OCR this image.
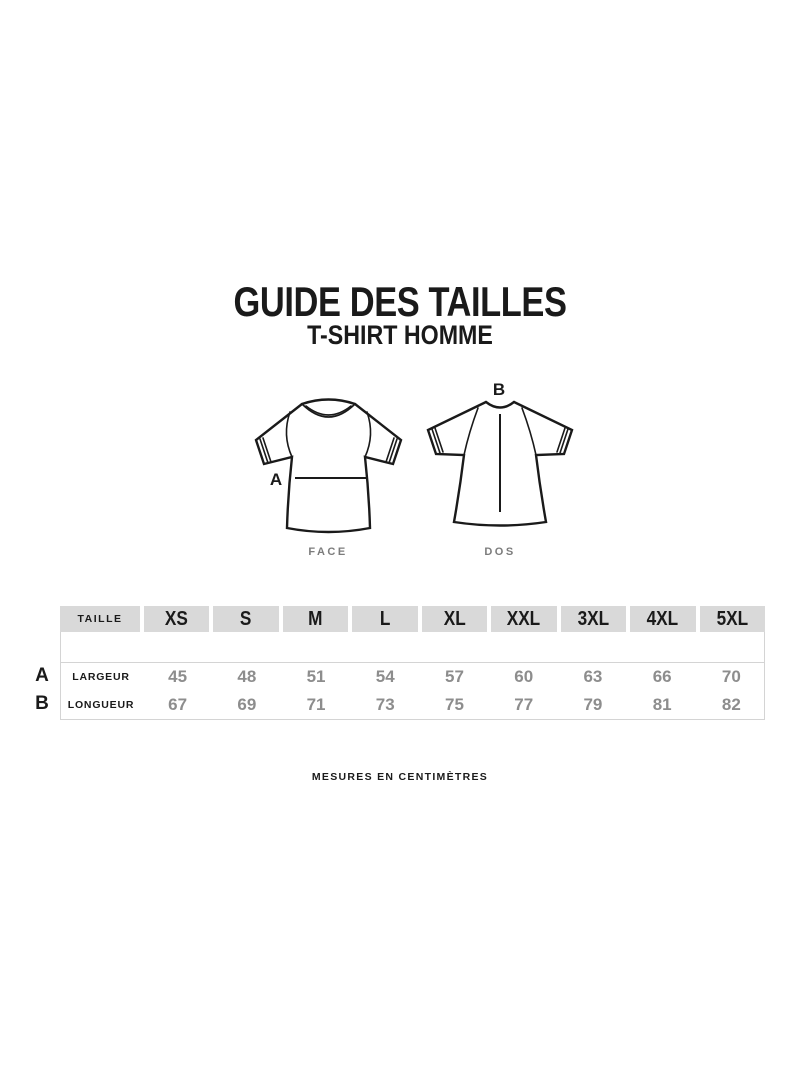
GUIDE DES TAILLES
T-SHIRT HOMME
A
B
FACE	DOS
TAILLE	XS	S	M	L	XL XXL 3XL 4XL 5XL
LARGEUR	45	48	51	54	57	60	63	66	70
LONGUEUR	67	69	71	73	75	77	79	81	82
A
B
MESURES EN CENTIMÈTRES
